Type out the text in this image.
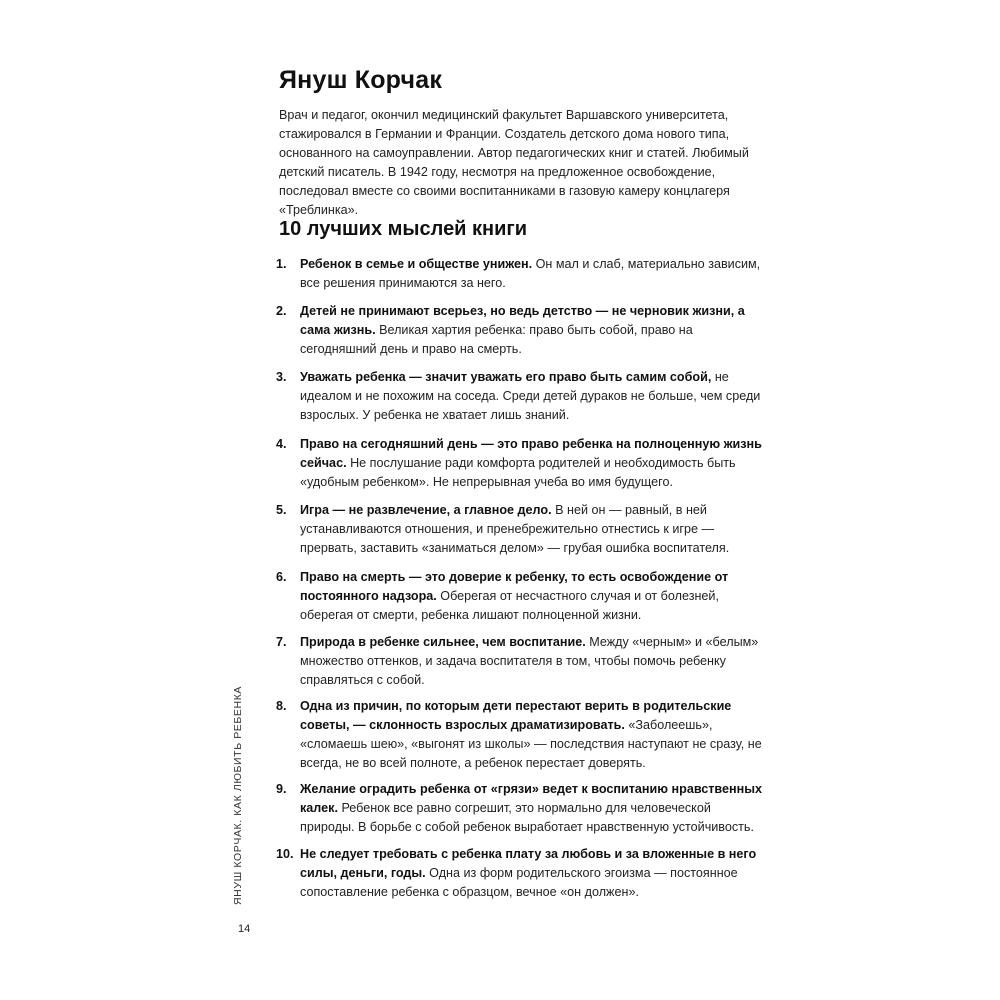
Януш Корчак

Врач и педагог, окончил медицинский факультет Варшавского университета, стажировался в Германии и Франции. Создатель детского дома нового типа, основанного на самоуправлении. Автор педагогических книг и статей. Любимый детский писатель. В 1942 году, несмотря на предложенное освобождение, последовал вместе со своими воспитанниками в газовую камеру концлагеря «Треблинка».

10 лучших мыслей книги
1. Ребенок в семье и обществе унижен. Он мал и слаб, материально зависим, все решения принимаются за него.
2. Детей не принимают всерьез, но ведь детство — не черновик жизни, а сама жизнь. Великая хартия ребенка: право быть собой, право на сегодняшний день и право на смерть.
3. Уважать ребенка — значит уважать его право быть самим собой, не идеалом и не похожим на соседа. Среди детей дураков не больше, чем среди взрослых. У ребенка не хватает лишь знаний.
4. Право на сегодняшний день — это право ребенка на полноценную жизнь сейчас. Не послушание ради комфорта родителей и необходимость быть «удобным ребенком». Не непрерывная учеба во имя будущего.
5. Игра — не развлечение, а главное дело. В ней он — равный, в ней устанавливаются отношения, и пренебрежительно отнестись к игре — прервать, заставить «заниматься делом» — грубая ошибка воспитателя.
6. Право на смерть — это доверие к ребенку, то есть освобождение от постоянного надзора. Оберегая от несчастного случая и от болезней, оберегая от смерти, ребенка лишают полноценной жизни.
7. Природа в ребенке сильнее, чем воспитание. Между «черным» и «белым» множество оттенков, и задача воспитателя в том, чтобы помочь ребенку справляться с собой.
8. Одна из причин, по которым дети перестают верить в родительские советы, — склонность взрослых драматизировать. «Заболеешь», «сломаешь шею», «выгонят из школы» — последствия наступают не сразу, не всегда, не во всей полноте, а ребенок перестает доверять.
9. Желание оградить ребенка от «грязи» ведет к воспитанию нравственных калек. Ребенок все равно согрешит, это нормально для человеческой природы. В борьбе с собой ребенок выработает нравственную устойчивость.
10. Не следует требовать с ребенка плату за любовь и за вложенные в него силы, деньги, годы. Одна из форм родительского эгоизма — постоянное сопоставление ребенка с образцом, вечное «он должен».
ЯНУШ КОРЧАК. КАК ЛЮБИТЬ РЕБЕНКА
14
